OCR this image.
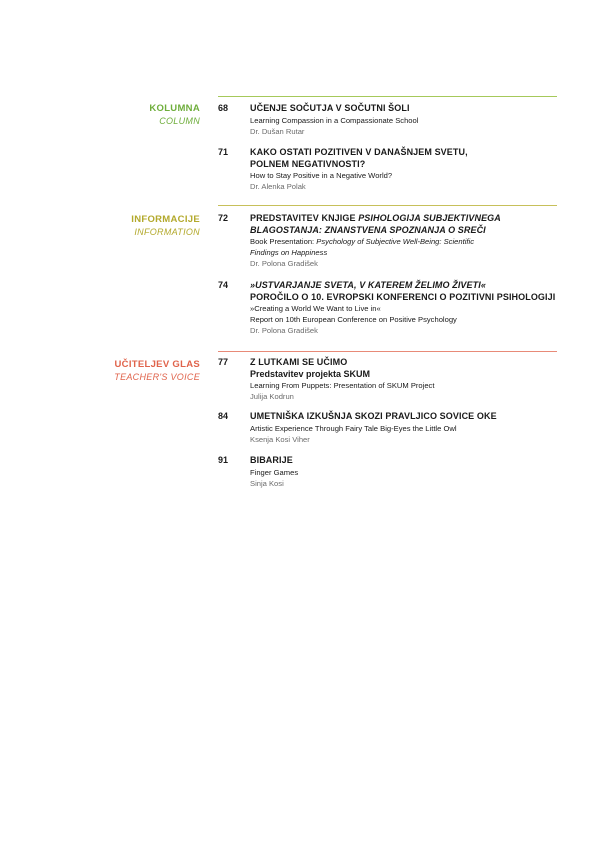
KOLUMNA
COLUMN
68	UČENJE SOČUTJA V SOČUTNI ŠOLI
Learning Compassion in a Compassionate School
Dr. Dušan Rutar
71	KAKO OSTATI POZITIVEN V DANAŠNJEM SVETU,
POLNEM NEGATIVNOSTI?
How to Stay Positive in a Negative World?
Dr. Alenka Polak
INFORMACIJE
INFORMATION
72	PREDSTAVITEV KNJIGE PSIHOLOGIJA SUBJEKTIVNEGA
BLAGOSTANJA: ZNANSTVENA SPOZNANJA O SREČI
Book Presentation: Psychology of Subjective Well-Being: Scientific
Findings on Happiness
Dr. Polona Gradišek
74	»USTVARJANJE SVETA, V KATEREM ŽELIMO ŽIVETI«
POROČILO O 10. EVROPSKI KONFERENCI O POZITIVNI PSIHOLOGIJI
»Creating a World We Want to Live in«
Report on 10th European Conference on Positive Psychology
Dr. Polona Gradišek
UČITELJEV GLAS
TEACHER'S VOICE
77	Z LUTKAMI SE UČIMO
Predstavitev projekta SKUM
Learning From Puppets: Presentation of SKUM Project
Julija Kodrun
84	UMETNIŠKA IZKUŠNJA SKOZI PRAVLJICO SOVICE OKE
Artistic Experience Through Fairy Tale Big-Eyes the Little Owl
Ksenja Kosi Viher
91	BIBARIJE
Finger Games
Sinja Kosi
